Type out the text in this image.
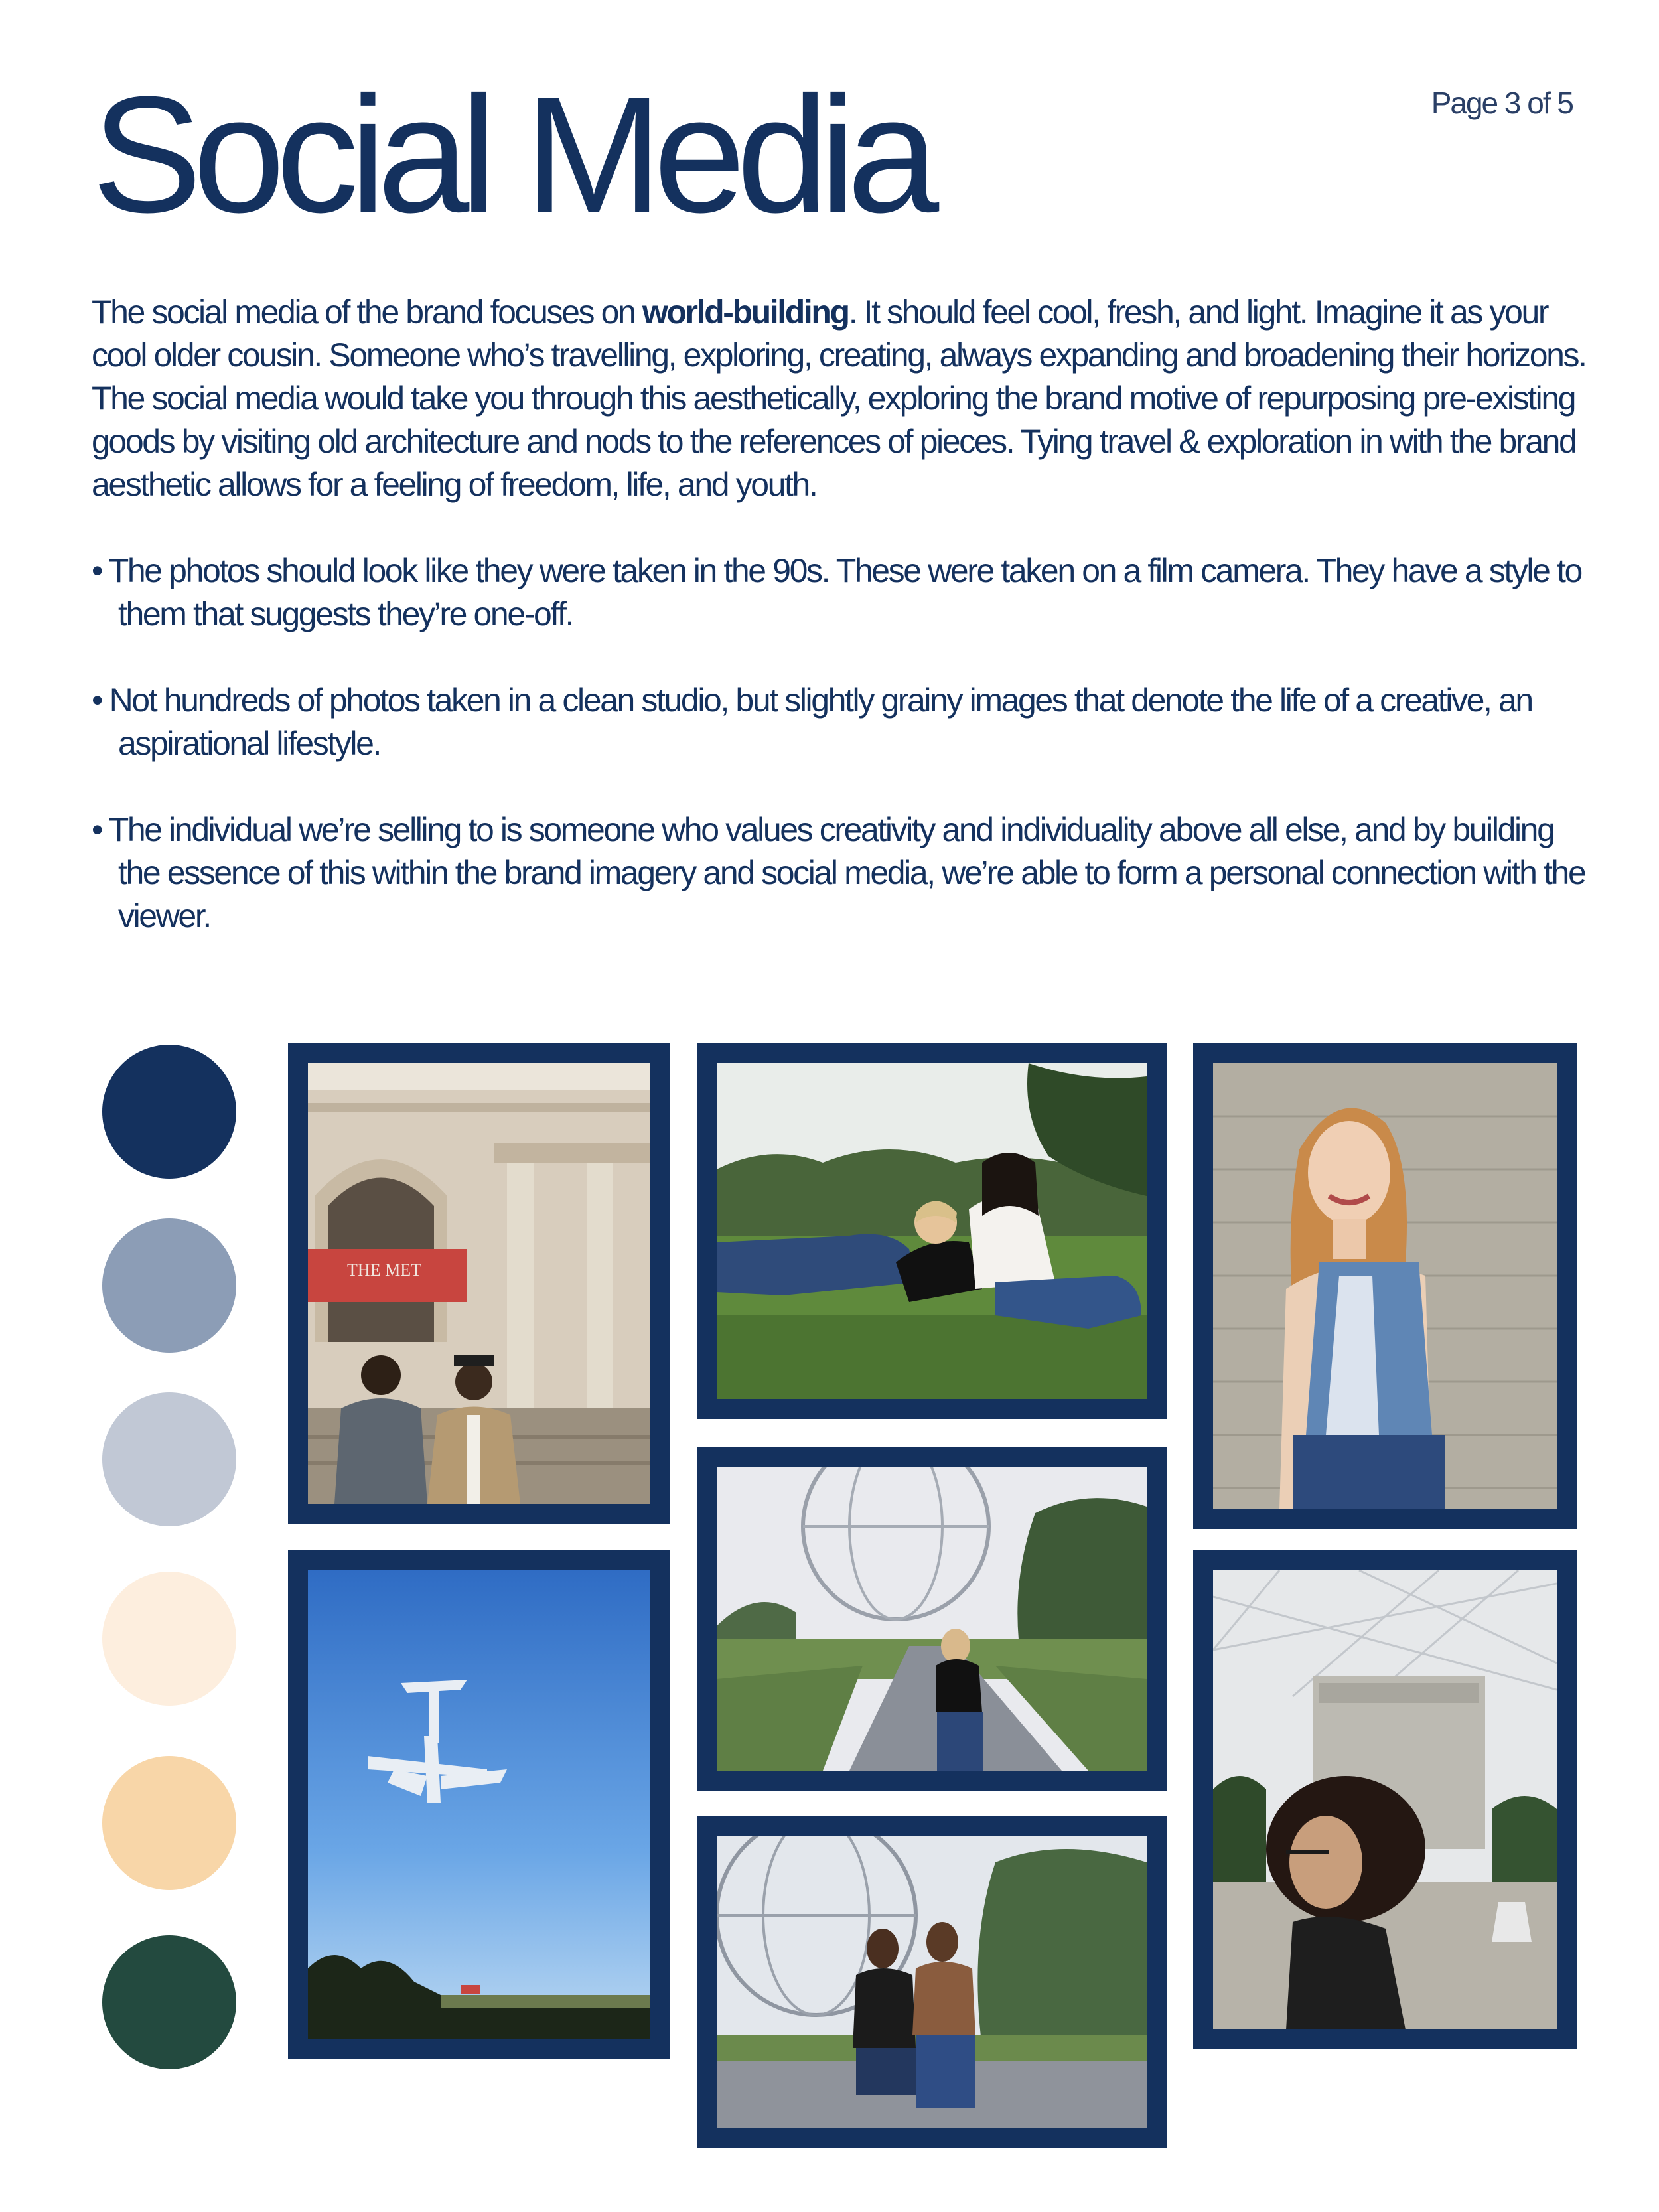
Social Media	Page 3 of 5

The social media of the brand focuses on world-building. It should feel cool, fresh, and light. Imagine it as your cool older cousin. Someone who’s travelling, exploring, creating, always expanding and broadening their horizons. The social media would take you through this aesthetically, exploring the brand motive of repurposing pre-existing goods by visiting old architecture and nods to the references of pieces. Tying travel & exploration in with the brand aesthetic allows for a feeling of freedom, life, and youth.

• The photos should look like they were taken in the 90s. These were taken on a film camera. They have a style to them that suggests they’re one-off.

• Not hundreds of photos taken in a clean studio, but slightly grainy images that denote the life of a creative, an aspirational lifestyle.

• The individual we’re selling to is someone who values creativity and individuality above all else, and by building the essence of this within the brand imagery and social media, we’re able to form a personal connection with the viewer.

THE MET
